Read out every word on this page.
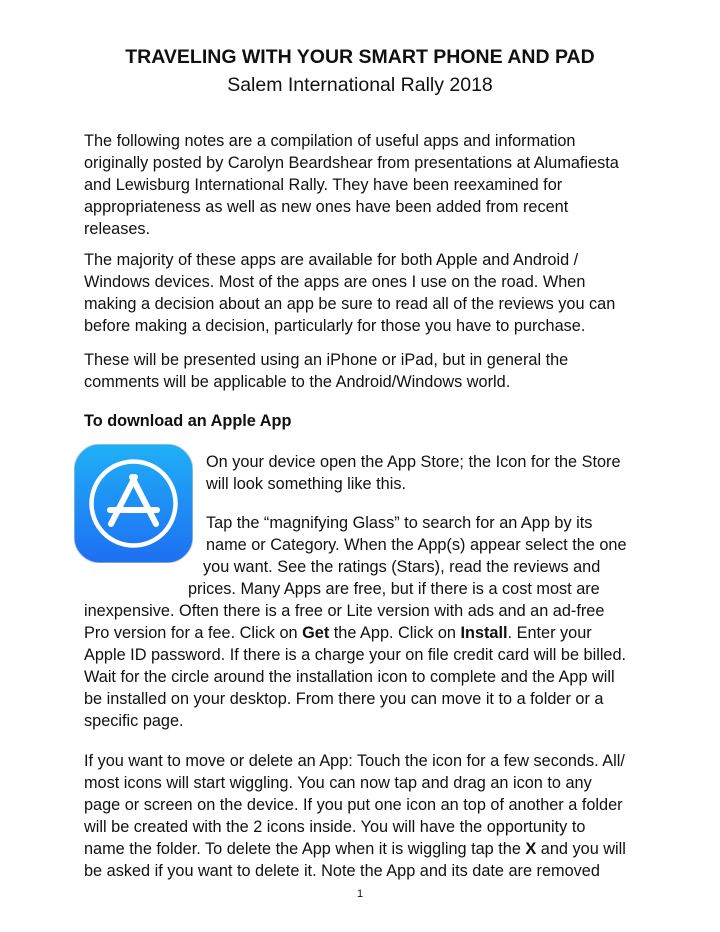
TRAVELING WITH YOUR SMART PHONE AND PAD
Salem International Rally 2018
The following notes are a compilation of useful apps and information
originally posted by Carolyn Beardshear from presentations at Alumafiesta
and Lewisburg International Rally. They have been reexamined for
appropriateness as well as new ones have been added from recent
releases.
The majority of these apps are available for both Apple and Android /
Windows devices. Most of the apps are ones I use on the road. When
making a decision about an app be sure to read all of the reviews you can
before making a decision, particularly for those you have to purchase.
These will be presented using an iPhone or iPad, but in general the
comments will be applicable to the Android/Windows world.
To download an Apple App
On your device open the App Store; the Icon for the Store
will look something like this.
Tap the “magnifying Glass” to search for an App by its
name or Category. When the App(s) appear select the one
you want. See the ratings (Stars), read the reviews and
prices. Many Apps are free, but if there is a cost most are
inexpensive. Often there is a free or Lite version with ads and an ad-free
Pro version for a fee. Click on Get the App. Click on Install. Enter your
Apple ID password. If there is a charge your on file credit card will be billed.
Wait for the circle around the installation icon to complete and the App will
be installed on your desktop. From there you can move it to a folder or a
specific page.
If you want to move or delete an App: Touch the icon for a few seconds. All/
most icons will start wiggling. You can now tap and drag an icon to any
page or screen on the device. If you put one icon an top of another a folder
will be created with the 2 icons inside. You will have the opportunity to
name the folder. To delete the App when it is wiggling tap the X and you will
be asked if you want to delete it. Note the App and its date are removed
1
